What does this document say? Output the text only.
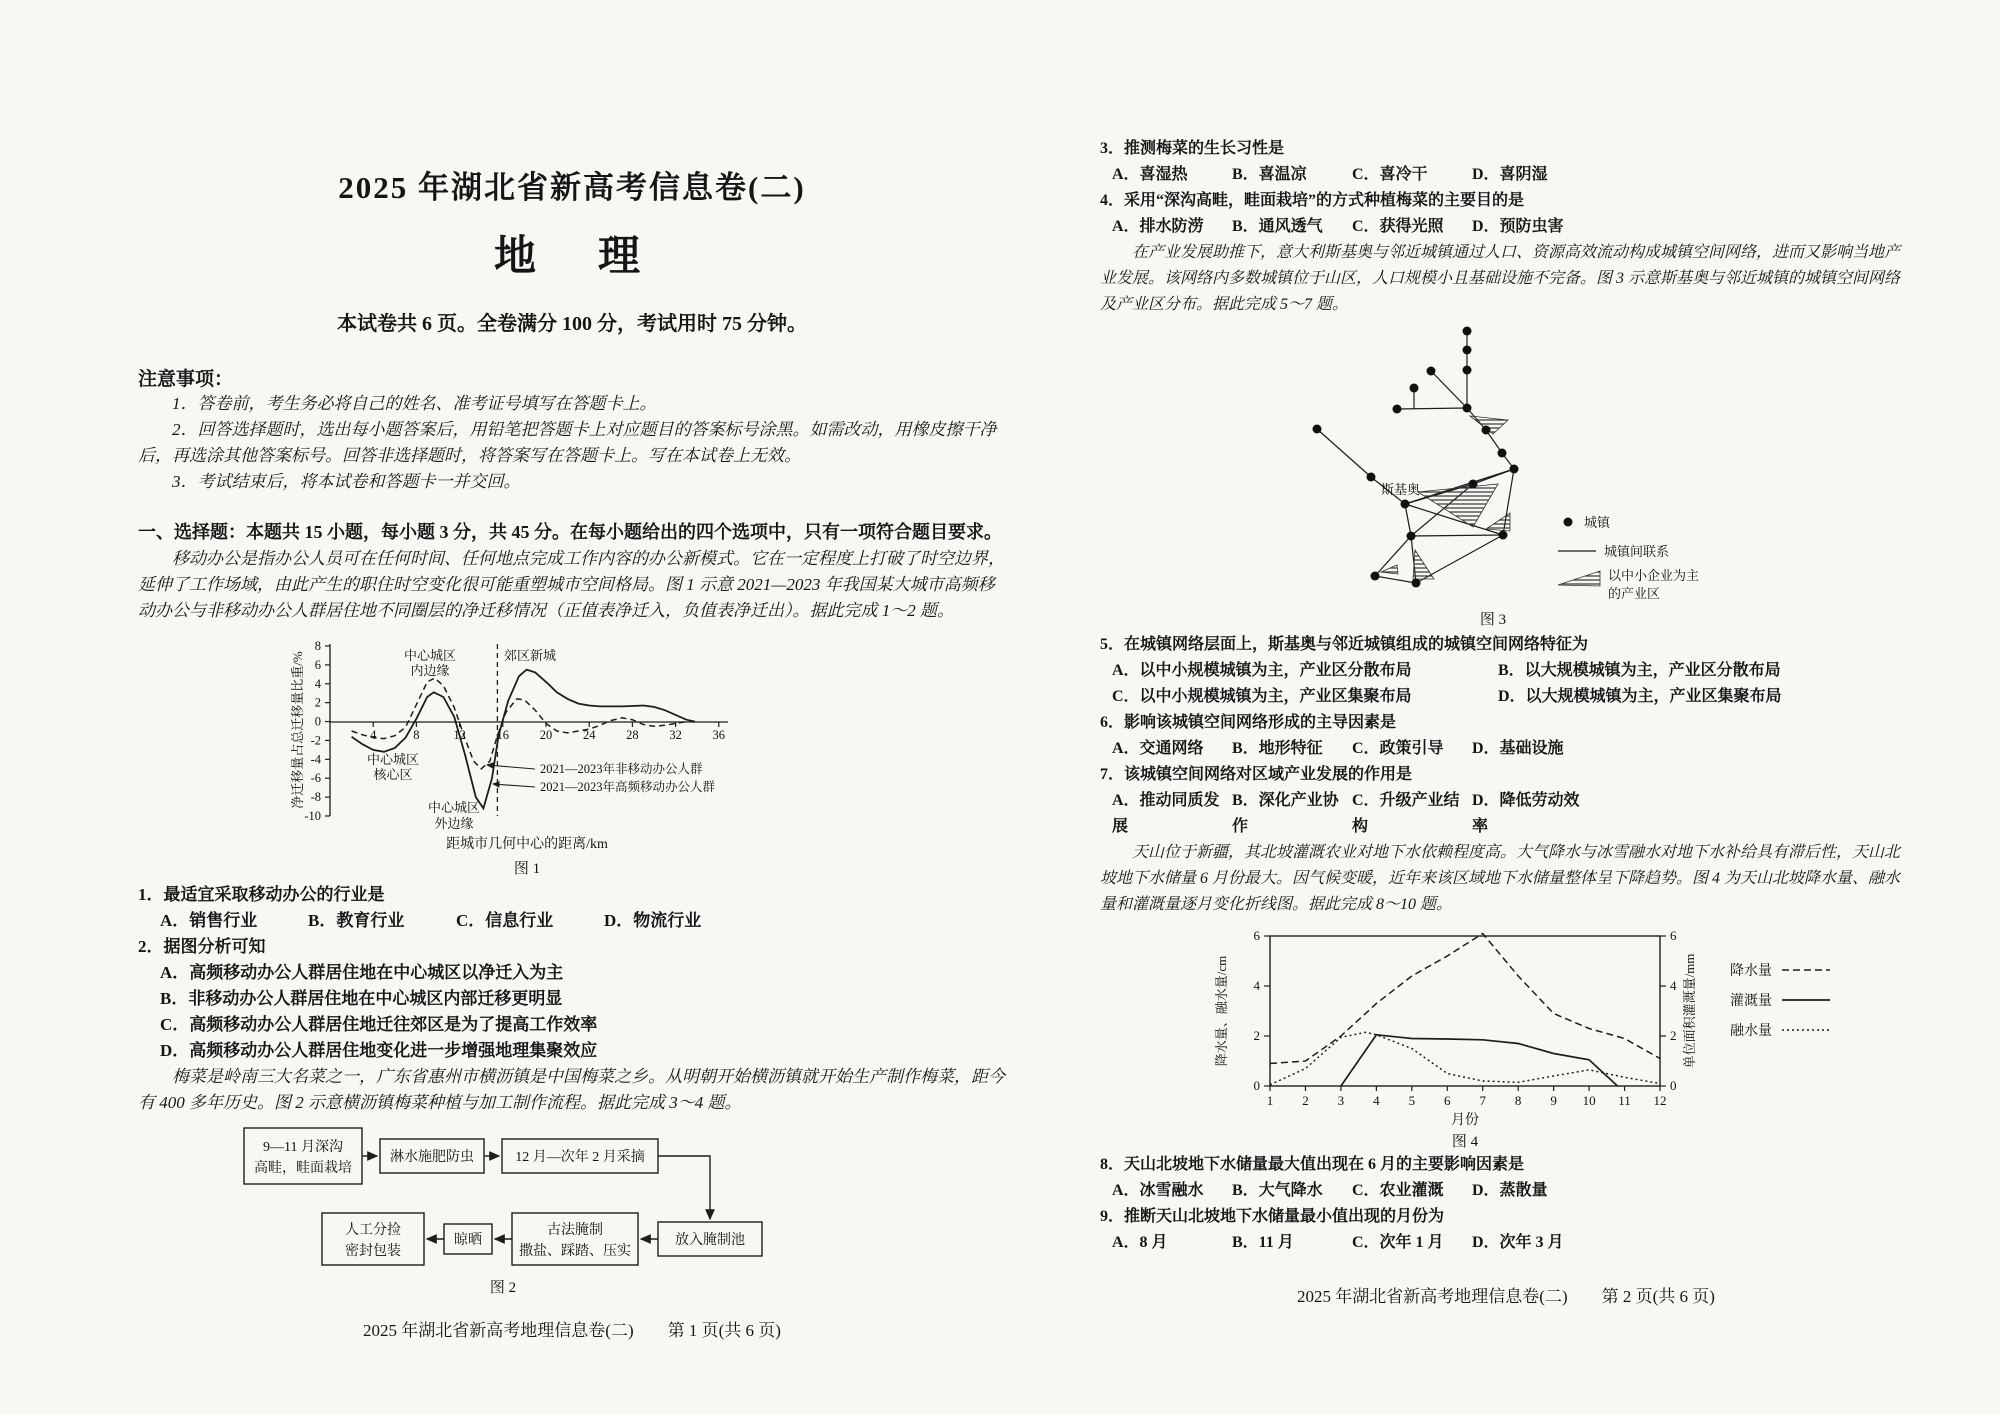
2025 年湖北省新高考信息卷(二)
地　理
本试卷共 6 页。全卷满分 100 分，考试用时 75 分钟。
注意事项：

1．答卷前，考生务必将自己的姓名、准考证号填写在答题卡上。

2．回答选择题时，选出每小题答案后，用铅笔把答题卡上对应题目的答案标号涂黑。如需改动，用橡皮擦干净后，再选涂其他答案标号。回答非选择题时，将答案写在答题卡上。写在本试卷上无效。

3．考试结束后，将本试卷和答题卡一并交回。

一、选择题：本题共 15 小题，每小题 3 分，共 45 分。在每小题给出的四个选项中，只有一项符合题目要求。

移动办公是指办公人员可在任何时间、任何地点完成工作内容的办公新模式。它在一定程度上打破了时空边界，延伸了工作场域，由此产生的职住时空变化很可能重塑城市空间格局。图 1 示意 2021—2023 年我国某大城市高频移动办公与非移动办公人群居住地不同圈层的净迁移情况（正值表净迁入，负值表净迁出）。据此完成 1～2 题。

8
6
4
2
0
-2
-4
-6
-8
-10
4	8	12 16 20 24 28 32 36
中心城区
内边缘
郊区新城
中心城区
核心区
中心城区
外边缘
2021—2023年非移动办公人群
2021—2023年高频移动办公人群
净迁移量占总迁移量比重/%
距城市几何中心的距离/km
图 1

1．最适宜采取移动办公的行业是

A．销售行业	B．教育行业	C．信息行业	D．物流行业

2．据图分析可知

A．高频移动办公人群居住地在中心城区以净迁入为主
B．非移动办公人群居住地在中心城区内部迁移更明显
C．高频移动办公人群居住地迁往郊区是为了提高工作效率
D．高频移动办公人群居住地变化进一步增强地理集聚效应

梅菜是岭南三大名菜之一，广东省惠州市横沥镇是中国梅菜之乡。从明朝开始横沥镇就开始生产制作梅菜，距今有 400 多年历史。图 2 示意横沥镇梅菜种植与加工制作流程。据此完成 3～4 题。

9—11 月深沟
高畦，畦面栽培
淋水施肥防虫	12 月—次年 2 月采摘
放入腌制池
古法腌制
撒盐、踩踏、压实
晾晒
人工分捡
密封包装
图 2
2025 年湖北省新高考地理信息卷(二)　　第 1 页(共 6 页)

3．推测梅菜的生长习性是

A．喜湿热	B．喜温凉	C．喜冷干	D．喜阴湿

4．采用“深沟高畦，畦面栽培”的方式种植梅菜的主要目的是

A．排水防涝 B．通风透气 C．获得光照 D．预防虫害

在产业发展助推下，意大利斯基奥与邻近城镇通过人口、资源高效流动构成城镇空间网络，进而又影响当地产业发展。该网络内多数城镇位于山区，人口规模小且基础设施不完备。图 3 示意斯基奥与邻近城镇的城镇空间网络及产业区分布。据此完成 5～7 题。

斯基奥
城镇
城镇间联系
以中小企业为主
的产业区
图 3

5．在城镇网络层面上，斯基奥与邻近城镇组成的城镇空间网络特征为

A．以中小规模城镇为主，产业区分散布局	B．以大规模城镇为主，产业区分散布局
C．以中小规模城镇为主，产业区集聚布局	D．以大规模城镇为主，产业区集聚布局

6．影响该城镇空间网络形成的主导因素是

A．交通网络 B．地形特征 C．政策引导 D．基础设施

7．该城镇空间网络对区域产业发展的作用是

A．推动同质发展B．深化产业协作C．升级产业结构D．降低劳动效率

天山位于新疆，其北坡灌溉农业对地下水依赖程度高。大气降水与冰雪融水对地下水补给具有滞后性，天山北坡地下水储量 6 月份最大。因气候变暖，近年来该区域地下水储量整体呈下降趋势。图 4 为天山北坡降水量、融水量和灌溉量逐月变化折线图。据此完成 8～10 题。

1 2 3 4 5 6 7 8 9 10 11 12
0
2
4
6
0
2
4
6
降水量、融水量/cm	单位面积灌溉量/mm 降水量
灌溉量
融水量
月份
图 4

8．天山北坡地下水储量最大值出现在 6 月的主要影响因素是

A．冰雪融水 B．大气降水 C．农业灌溉 D．蒸散量

9．推断天山北坡地下水储量最小值出现的月份为

A．8 月	B．11 月	C．次年 1 月 D．次年 3 月
2025 年湖北省新高考地理信息卷(二)　　第 2 页(共 6 页)
